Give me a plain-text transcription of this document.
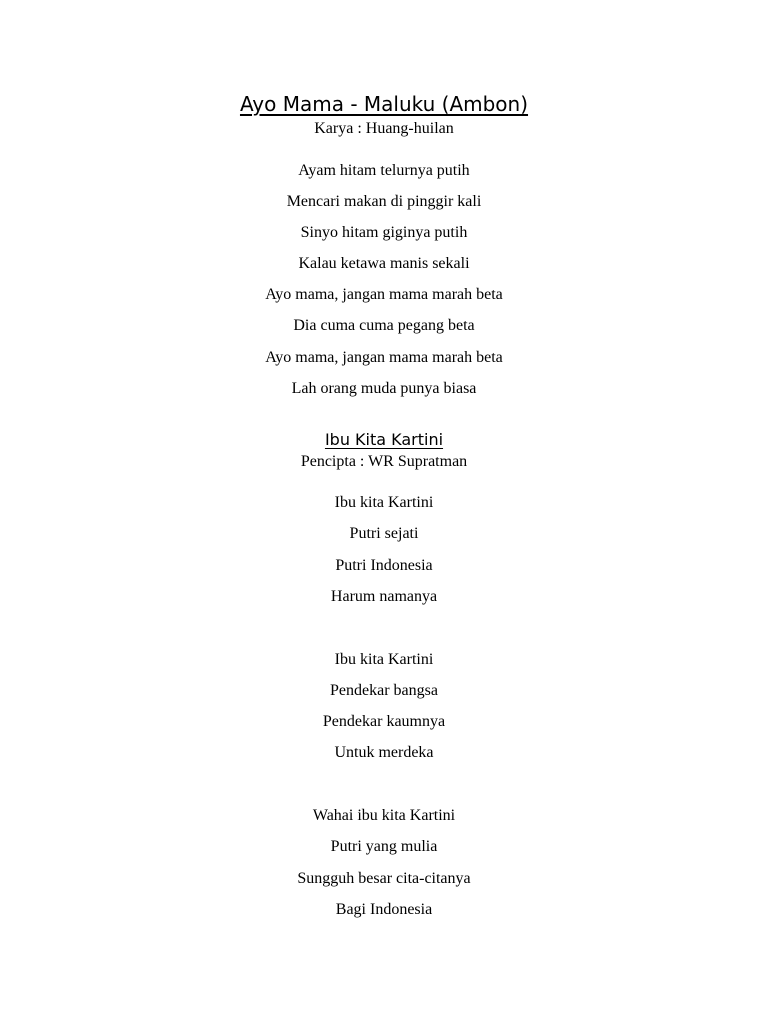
Ayo Mama - Maluku (Ambon)

Karya : Huang-huilan

Ayam hitam telurnya putih

Mencari makan di pinggir kali

Sinyo hitam giginya putih

Kalau ketawa manis sekali

Ayo mama, jangan mama marah beta

Dia cuma cuma pegang beta

Ayo mama, jangan mama marah beta

Lah orang muda punya biasa

Ibu Kita Kartini

Pencipta : WR Supratman

Ibu kita Kartini

Putri sejati

Putri Indonesia

Harum namanya

Ibu kita Kartini

Pendekar bangsa

Pendekar kaumnya

Untuk merdeka

Wahai ibu kita Kartini

Putri yang mulia

Sungguh besar cita-citanya

Bagi Indonesia
